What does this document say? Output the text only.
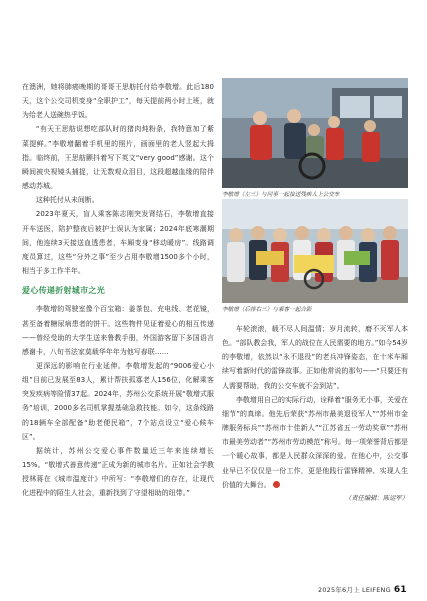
在澳洲，她将肺癌晚期的哥哥王思舫托付给李敬增。此后180天，这个公交司机变身“全职护工”，每天提前两小时上班，就为给老人送碗热乎饭。

“有天王思舫说想吃部队时的猪肉炖粉条，我特意加了紫菜提鲜。”李敬增翻着手机里的照片，画面里的老人竖起大拇指。临终前，王思舫颤抖着写下英文“very good”感谢。这个瞬间被央视镜头捕捉，让无数观众泪目，这段超越血缘的陪伴感动苏城。

这种托付从未间断。

2023年夏天，盲人乘客陈志刚突发肾结石，李敬增直接开车送医，陪护整夜后被护士误认为家属；2024年底寒潮期间，他连续3天接送血透患者，车厢变身“移动暖房”。线路调度员算过，这些“分外之事”至少占用李敬增1500多个小时，相当于多工作半年。

爱心传递折射城市之光

李敬增的驾驶室像个百宝箱：姜茶包、充电线、老花镜，甚至备着糖尿病患者的饼干。这些物件见证着爱心的相互传递——曾经受助的大学生送来鲁教手册，外国游客留下多国语言感谢卡，八旬书法家莫载华年年为他写春联……

更深远的影响在行业延伸。李敬增发起的“9006爱心小组”目前已发展至83人，累计帮扶孤寡老人156位，化解乘客突发疾病等险情37起。2024年，苏州公交系统开展“敬增式服务”培训，2000多名司机掌握基础急救技能。如今，这条线路的18辆车全部配备“助老便民箱”，7个站点设立“爱心候车区”。

据统计，苏州公交爱心事件数量近三年来连续增长15%。“敬增式善意传递”正成为新的城市名片。正如社会学教授林蒋在《城市温度计》中所写：“李敬增们的存在，让现代化进程中的陌生人社会，重新找到了守望相助的纽带。”

李敬增（左三）与同事一起接送残疾人上公交车
李敬增（后排右三）与乘客一起合影

车轮滚滚，载不尽人间温情；岁月流转，磨不灭军人本色。“部队教会我，军人的战位在人民需要的地方。”如今54岁的李敬增，依然以“永不退役”的老兵冲锋姿态，在十米车厢续写着新时代的雷锋故事。正如他常说的那句——“只要还有人需要帮助，我的公交车就不会到站”。

李敬增用自己的实际行动，诠释着“服务无小事，关爱在细节”的真谛。他先后荣获“苏州市最美退役军人”“苏州市金牌服务标兵”“苏州市十佳新人”“江苏省五一劳动奖章”“苏州市最美劳动者”“苏州市劳动模范”称号。每一项荣誉背后都是一个暖心故事，都是人民群众深深的爱。在他心中，公交事业早已不仅仅是一份工作，更是他践行雷锋精神、实现人生价值的大舞台。

（责任编辑：陈运军）
2025年6月上 LEIFENG 61
